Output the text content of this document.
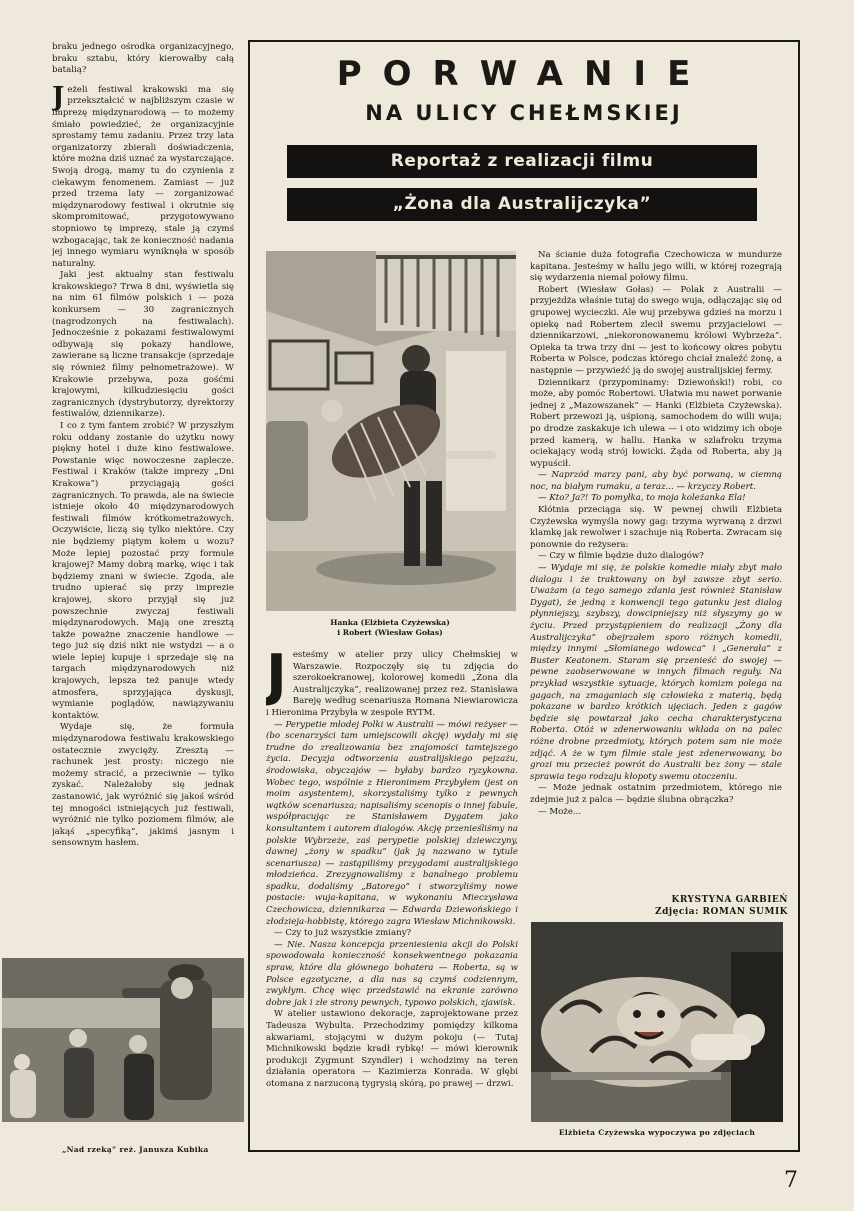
braku jednego ośrodka organizacyjnego, braku sztabu, który kierowałby całą batalią?

Jeżeli festiwal krakowski ma się przekształcić w najbliższym czasie w imprezę międzynarodową — to możemy śmiało powiedzieć, że organizacyjnie sprostamy temu zadaniu. Przez trzy lata organizatorzy zbierali doświadczenia, które można dziś uznać za wystarczające. Swoją drogą, mamy tu do czynienia z ciekawym fenomenem. Zamiast — już przed trzema laty — zorganizować międzynarodowy festiwal i okrutnie się skompromitować, przygotowywano stopniowo tę imprezę, stale ją czymś wzbogacając, tak że konieczność nadania jej innego wymiaru wyniknęła w sposób naturalny.

Jaki jest aktualny stan festiwalu krakowskiego? Trwa 8 dni, wyświetla się na nim 61 filmów polskich i — poza konkursem — 30 zagranicznych (nagrodzonych na festiwalach). Jednocześnie z pokazami festiwalowymi odbywają się pokazy handlowe, zawierane są liczne transakcje (sprzedaje się również filmy pełnometrażowe). W Krakowie przebywa, poza gośćmi krajowymi, kilkudziesięciu gości zagranicznych (dystrybutorzy, dyrektorzy festiwalów, dziennikarze).

I co z tym fantem zrobić? W przyszłym roku oddany zostanie do użytku nowy piękny hotel i duże kino festiwalowe. Powstanie więc nowoczesne zaplecze. Festiwal i Kraków (także imprezy „Dni Krakowa”) przyciągają gości zagranicznych. To prawda, ale na świecie istnieje około 40 międzynarodowych festiwali filmów krótkometrażowych. Oczywiście, liczą się tylko niektóre. Czy nie będziemy piątym kołem u wozu? Może lepiej pozostać przy formule krajowej? Mamy dobrą markę, więc i tak będziemy znani w świecie. Zgoda, ale trudno upierać się przy imprezie krajowej, skoro przyjął się już powszechnie zwyczaj festiwali międzynarodowych. Mają one zresztą także poważne znaczenie handlowe — tego już się dziś nikt nie wstydzi — a o wiele lepiej kupuje i sprzedaje się na targach międzynarodowych niż krajowych, lepsza też panuje wtedy atmosfera, sprzyjająca dyskusji, wymianie poglądów, nawiązywaniu kontaktów.

Wydaje się, że formuła międzynarodowa festiwalu krakowskiego ostatecznie zwycięży. Zresztą — rachunek jest prosty: niczego nie możemy stracić, a przeciwnie — tylko zyskać. Należałoby się jednak zastanowić, jak wyróżnić się jakoś wśród tej mnogości istniejących już festiwali, wyróżnić nie tylko poziomem filmów, ale jakąś „specyfiką”, jakimś jasnym i sensownym hasłem.

„Nad rzeką” reż. Janusza Kubika
PORWANIE
NA ULICY CHEŁMSKIEJ
Reportaż z realizacji filmu
„Żona dla Australijczyka”
Hanka (Elżbieta Czyżewska)
i Robert (Wiesław Gołas)

Jesteśmy w atelier przy ulicy Chełmskiej w Warszawie. Rozpoczęły się tu zdjęcia do szerokoekranowej, kolorowej komedii „Żona dla Australijczyka”, realizowanej przez reż. Stanisława Bareję według scenariusza Romana Niewiarowicza i Hieronima Przybyła w zespole RYTM.

— Perypetie młodej Polki w Australii — mówi reżyser — (bo scenarzyści tam umiejscowili akcję) wydały mi się trudne do zrealizowania bez znajomości tamtejszego życia. Decyzja odtworzenia australijskiego pejzażu, środowiska, obyczajów — byłaby bardzo ryzykowna. Wobec tego, wspólnie z Hieronimem Przybyłem (jest on moim asystentem), skorzystaliśmy tylko z pewnych wątków scenariusza; napisaliśmy scenopis o innej fabule, współpracując ze Stanisławem Dygatem jako konsultantem i autorem dialogów. Akcję przenieśliśmy na polskie Wybrzeże, zaś perypetie polskiej dziewczyny, dawnej „żony w spadku” (jak ją nazwano w tytule scenariusza) — zastąpiliśmy przygodami australijskiego młodzieńca. Zrezygnowaliśmy z banalnego problemu spadku, dodaliśmy „Batorego” i stworzyliśmy nowe postacie: wuja-kapitana, w wykonaniu Mieczysława Czechowicza, dziennikarza — Edwarda Dziewońskiego i złodzieja-hobbistę, którego zagra Wiesław Michnikowski.

— Czy to już wszystkie zmiany?

— Nie. Nasza koncepcja przeniesienia akcji do Polski spowodowała konieczność konsekwentnego pokazania spraw, które dla głównego bohatera — Roberta, są w Polsce egzotyczne, a dla nas są czymś codziennym, zwykłym. Chcę więc przedstawić na ekranie zarówno dobre jak i złe strony pewnych, typowo polskich, zjawisk.

W atelier ustawiono dekoracje, zaprojektowane przez Tadeusza Wybulta. Przechodzimy pomiędzy kilkoma akwariami, stojącymi w dużym pokoju (— Tutaj Michnikowski będzie kradł rybkę! — mówi kierownik produkcji Zygmunt Szyndler) i wchodzimy na teren działania operatora — Kazimierza Konrada. W głębi otomana z narzuconą tygrysią skórą, po prawej — drzwi.

Na ścianie duża fotografia Czechowicza w mundurze kapitana. Jesteśmy w hallu jego willi, w której rozegrają się wydarzenia niemal połowy filmu.

Robert (Wiesław Gołas) — Polak z Australii — przyjeżdża właśnie tutaj do swego wuja, odłączając się od grupowej wycieczki. Ale wuj przebywa gdzieś na morzu i opiekę nad Robertem zlecił swemu przyjacielowi — dziennikarzowi, „niekoronowanemu królowi Wybrzeża”. Opieka ta trwa trzy dni — jest to końcowy okres pobytu Roberta w Polsce, podczas którego chciał znaleźć żonę, a następnie — przywieźć ją do swojej australijskiej fermy.

Dziennikarz (przypominamy: Dziewoński!) robi, co może, aby pomóc Robertowi. Ułatwia mu nawet porwanie jednej z „Mazowszanek” — Hanki (Elżbieta Czyżewska). Robert przewozi ją, uśpioną, samochodem do willi wuja; po drodze zaskakuje ich ulewa — i oto widzimy ich oboje przed kamerą, w hallu. Hanka w szlafroku trzyma ociekający wodą strój łowicki. Żąda od Roberta, aby ją wypuścił.

— Naprzód marzy pani, aby być porwaną, w ciemną noc, na białym rumaku, a teraz... — krzyczy Robert.

— Kto? Ja?! To pomyłka, to moja koleżanka Ela!

Kłótnia przeciąga się. W pewnej chwili Elżbieta Czyżewska wymyśla nowy gag: trzyma wyrwaną z drzwi klamkę jak rewolwer i szachuje nią Roberta. Zwracam się ponownie do reżysera:

— Czy w filmie będzie dużo dialogów?

— Wydaje mi się, że polskie komedie miały zbyt mało dialogu i że traktowany on był zawsze zbyt serio. Uważam (a tego samego zdania jest również Stanisław Dygat), że jedną z konwencji tego gatunku jest dialog płynniejszy, szybszy, dowcipniejszy niż słyszymy go w życiu. Przed przystąpieniem do realizacji „Żony dla Australijczyka” obejrzałem sporo różnych komedii, między innymi „Słomianego wdowca” i „Generała” z Buster Keatonem. Staram się przenieść do swojej — pewne zaobserwowane w innych filmach reguły. Na przykład wszystkie sytuacje, których komizm polega na gagach, na zmaganiach się człowieka z materią, będą pokazane w bardzo krótkich ujęciach. Jeden z gagów będzie się powtarzał jako cecha charakterystyczna Roberta. Otóż w zdenerwowaniu wkłada on na palec różne drobne przedmioty, których potem sam nie może zdjąć. A że w tym filmie stale jest zdenerwowany, bo grozi mu przecież powrót do Australii bez żony — stale sprawia tego rodzaju kłopoty swemu otoczeniu.

— Może jednak ostatnim przedmiotem, którego nie zdejmie już z palca — będzie ślubna obrączka?

— Może...

KRYSTYNA GARBIEŃ
Zdjęcia: ROMAN SUMIK
Elżbieta Czyżewska wypoczywa po zdjęciach
7
